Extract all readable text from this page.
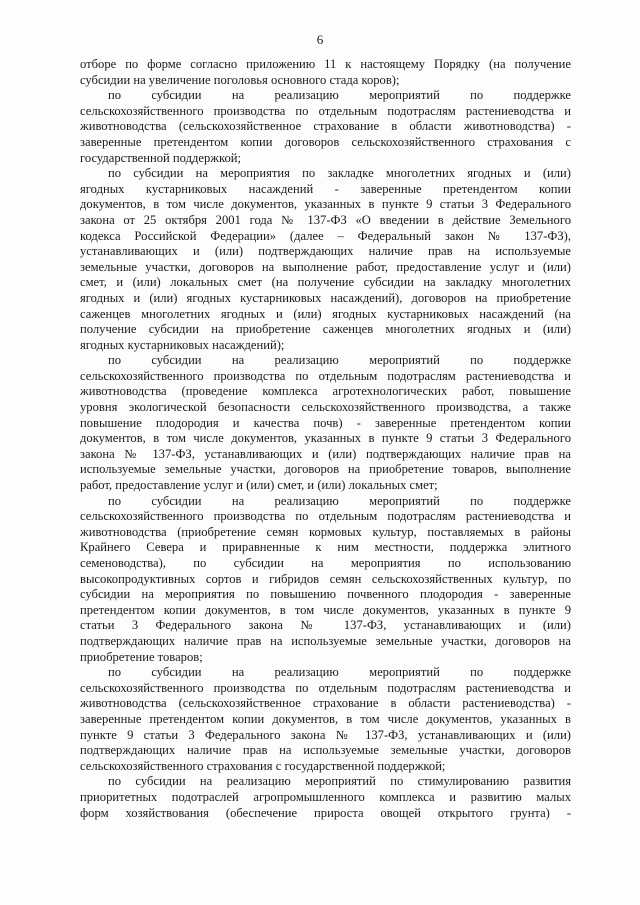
6
отборе по форме согласно приложению 11 к настоящему Порядку (на получение
субсидии на увеличение поголовья основного стада коров);
по субсидии на реализацию мероприятий по поддержке
сельскохозяйственного производства по отдельным подотраслям растениеводства и
животноводства (сельскохозяйственное страхование в области животноводства) -
заверенные претендентом копии договоров сельскохозяйственного страхования с
государственной поддержкой;
по субсидии на мероприятия по закладке многолетних ягодных и (или)
ягодных кустарниковых насаждений - заверенные претендентом копии
документов, в том числе документов, указанных в пункте 9 статьи 3 Федерального
закона от 25 октября 2001 года № 137-ФЗ «О введении в действие Земельного
кодекса Российской Федерации» (далее – Федеральный закон № 137-ФЗ),
устанавливающих и (или) подтверждающих наличие прав на используемые
земельные участки, договоров на выполнение работ, предоставление услуг и (или)
смет, и (или) локальных смет (на получение субсидии на закладку многолетних
ягодных и (или) ягодных кустарниковых насаждений), договоров на приобретение
саженцев многолетних ягодных и (или) ягодных кустарниковых насаждений (на
получение субсидии на приобретение саженцев многолетних ягодных и (или)
ягодных кустарниковых насаждений);
по субсидии на реализацию мероприятий по поддержке
сельскохозяйственного производства по отдельным подотраслям растениеводства и
животноводства (проведение комплекса агротехнологических работ, повышение
уровня экологической безопасности сельскохозяйственного производства, а также
повышение плодородия и качества почв) - заверенные претендентом копии
документов, в том числе документов, указанных в пункте 9 статьи 3 Федерального
закона № 137-ФЗ, устанавливающих и (или) подтверждающих наличие прав на
используемые земельные участки, договоров на приобретение товаров, выполнение
работ, предоставление услуг и (или) смет, и (или) локальных смет;
по субсидии на реализацию мероприятий по поддержке
сельскохозяйственного производства по отдельным подотраслям растениеводства и
животноводства (приобретение семян кормовых культур, поставляемых в районы
Крайнего Севера и приравненные к ним местности, поддержка элитного
семеноводства), по субсидии на мероприятия по использованию
высокопродуктивных сортов и гибридов семян сельскохозяйственных культур, по
субсидии на мероприятия по повышению почвенного плодородия - заверенные
претендентом копии документов, в том числе документов, указанных в пункте 9
статьи 3 Федерального закона № 137-ФЗ, устанавливающих и (или)
подтверждающих наличие прав на используемые земельные участки, договоров на
приобретение товаров;
по субсидии на реализацию мероприятий по поддержке
сельскохозяйственного производства по отдельным подотраслям растениеводства и
животноводства (сельскохозяйственное страхование в области растениеводства) -
заверенные претендентом копии документов, в том числе документов, указанных в
пункте 9 статьи 3 Федерального закона № 137-ФЗ, устанавливающих и (или)
подтверждающих наличие прав на используемые земельные участки, договоров
сельскохозяйственного страхования с государственной поддержкой;
по субсидии на реализацию мероприятий по стимулированию развития
приоритетных подотраслей агропромышленного комплекса и развитию малых
форм хозяйствования (обеспечение прироста овощей открытого грунта) -
